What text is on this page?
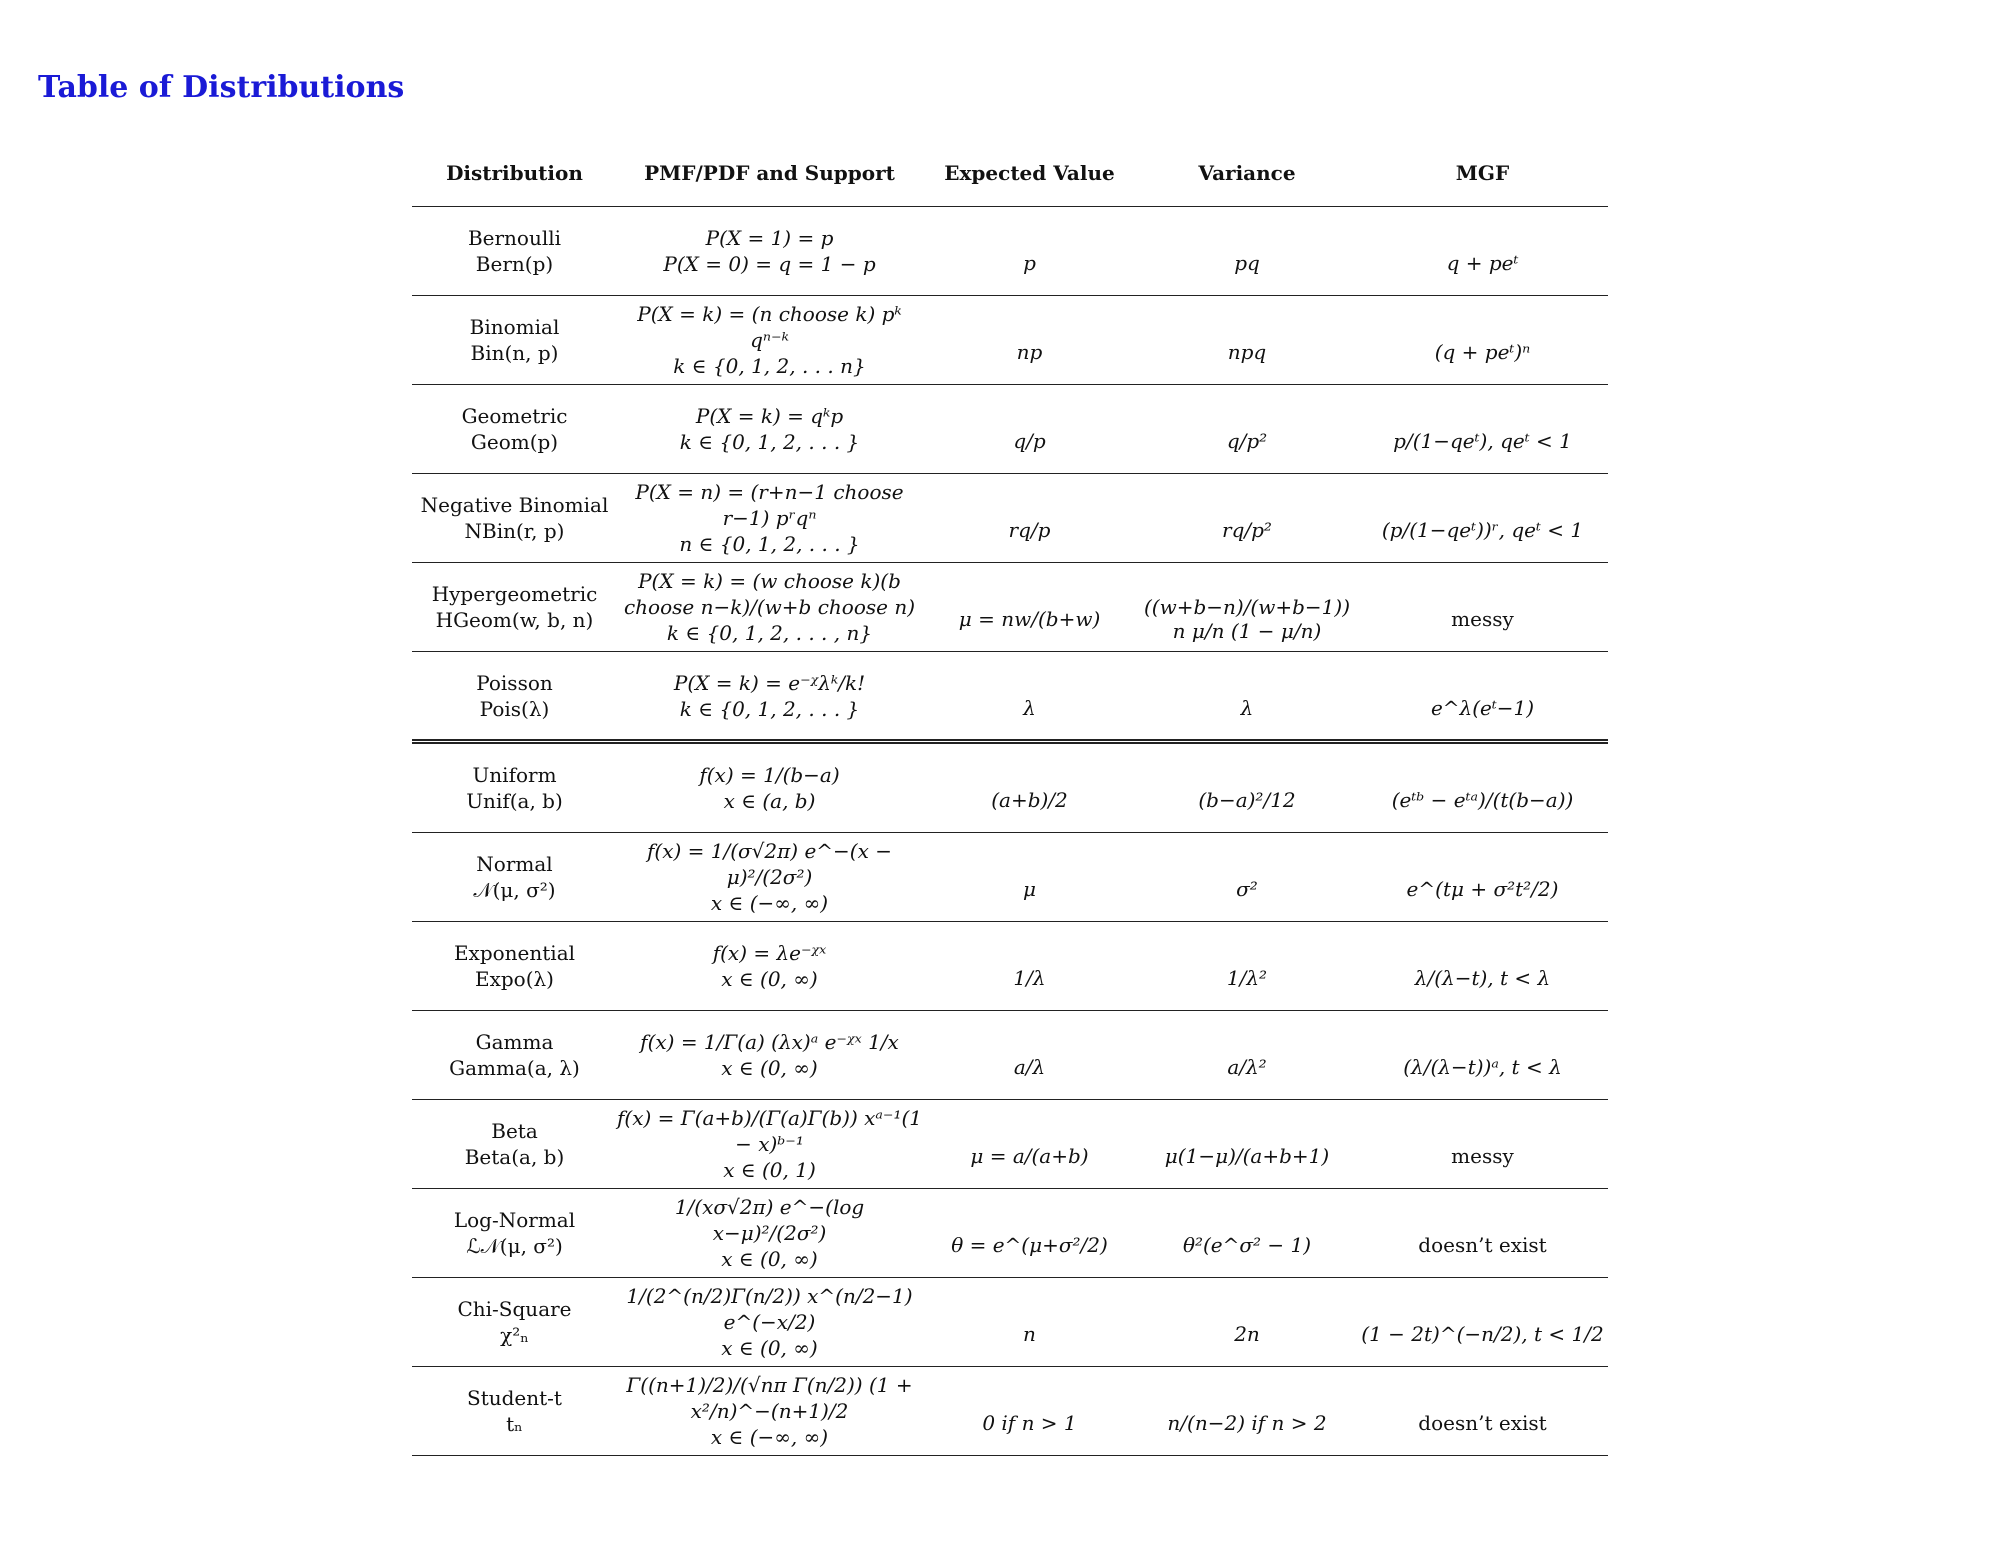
Table of Distributions
Distribution	PMF/PDF and Support	Expected Value	Variance	MGF
Bernoulli
Bern(p)
P(X = 1) = p
P(X = 0) = q = 1 − p	p	pq	q + peᵗ
Binomial
Bin(n, p)
P(X = k) = (n choose k) pᵏ qⁿ⁻ᵏ
k ∈ {0, 1, 2, . . . n}
np	npq	(q + peᵗ)ⁿ
Geometric
Geom(p)
P(X = k) = qᵏp
k ∈ {0, 1, 2, . . . }	q/p	q/p²	p/(1−qeᵗ), qeᵗ < 1
Negative Binomial
NBin(r, p)
P(X = n) = (r+n−1 choose r−1) pʳqⁿ
n ∈ {0, 1, 2, . . . }
rq/p	rq/p²	(p/(1−qeᵗ))ʳ, qeᵗ < 1
Hypergeometric
HGeom(w, b, n)
P(X = k) = (w choose k)(b choose n−k)/(w+b choose n)
k ∈ {0, 1, 2, . . . , n}
μ = nw/(b+w)	((w+b−n)/(w+b−1)) n μ/n (1 − μ/n)	messy
Poisson
Pois(λ)
P(X = k) = e⁻ᵡλᵏ/k!
k ∈ {0, 1, 2, . . . }	λ	λ	e^λ(eᵗ−1)
Uniform
Unif(a, b)
f(x) = 1/(b−a)
x ∈ (a, b)	(a+b)/2	(b−a)²/12	(eᵗᵇ − eᵗᵃ)/(t(b−a))
Normal
𝒩(μ, σ²)
f(x) = 1/(σ√2π) e^−(x − μ)²/(2σ²)
x ∈ (−∞, ∞)
μ	σ²	e^(tμ + σ²t²/2)
Exponential
Expo(λ)
f(x) = λe⁻ᵡˣ
x ∈ (0, ∞)	1/λ	1/λ²	λ/(λ−t), t < λ
Gamma
Gamma(a, λ)
f(x) = 1/Γ(a) (λx)ᵃ e⁻ᵡˣ 1/x
x ∈ (0, ∞)	a/λ	a/λ²	(λ/(λ−t))ᵃ, t < λ
Beta
Beta(a, b)
f(x) = Γ(a+b)/(Γ(a)Γ(b)) xᵃ⁻¹(1 − x)ᵇ⁻¹
x ∈ (0, 1)
μ = a/(a+b)	μ(1−μ)/(a+b+1)	messy
Log-Normal
ℒ𝒩(μ, σ²)
1/(xσ√2π) e^−(log x−μ)²/(2σ²)
x ∈ (0, ∞)
θ = e^(μ+σ²/2)	θ²(e^σ² − 1)	doesn’t exist
Chi-Square
χ²ₙ
1/(2^(n/2)Γ(n/2)) x^(n/2−1) e^(−x/2)
x ∈ (0, ∞)
n	2n	(1 − 2t)^(−n/2), t < 1/2
Student-t
tₙ
Γ((n+1)/2)/(√nπ Γ(n/2)) (1 + x²/n)^−(n+1)/2
x ∈ (−∞, ∞)
0 if n > 1	n/(n−2) if n > 2	doesn’t exist
